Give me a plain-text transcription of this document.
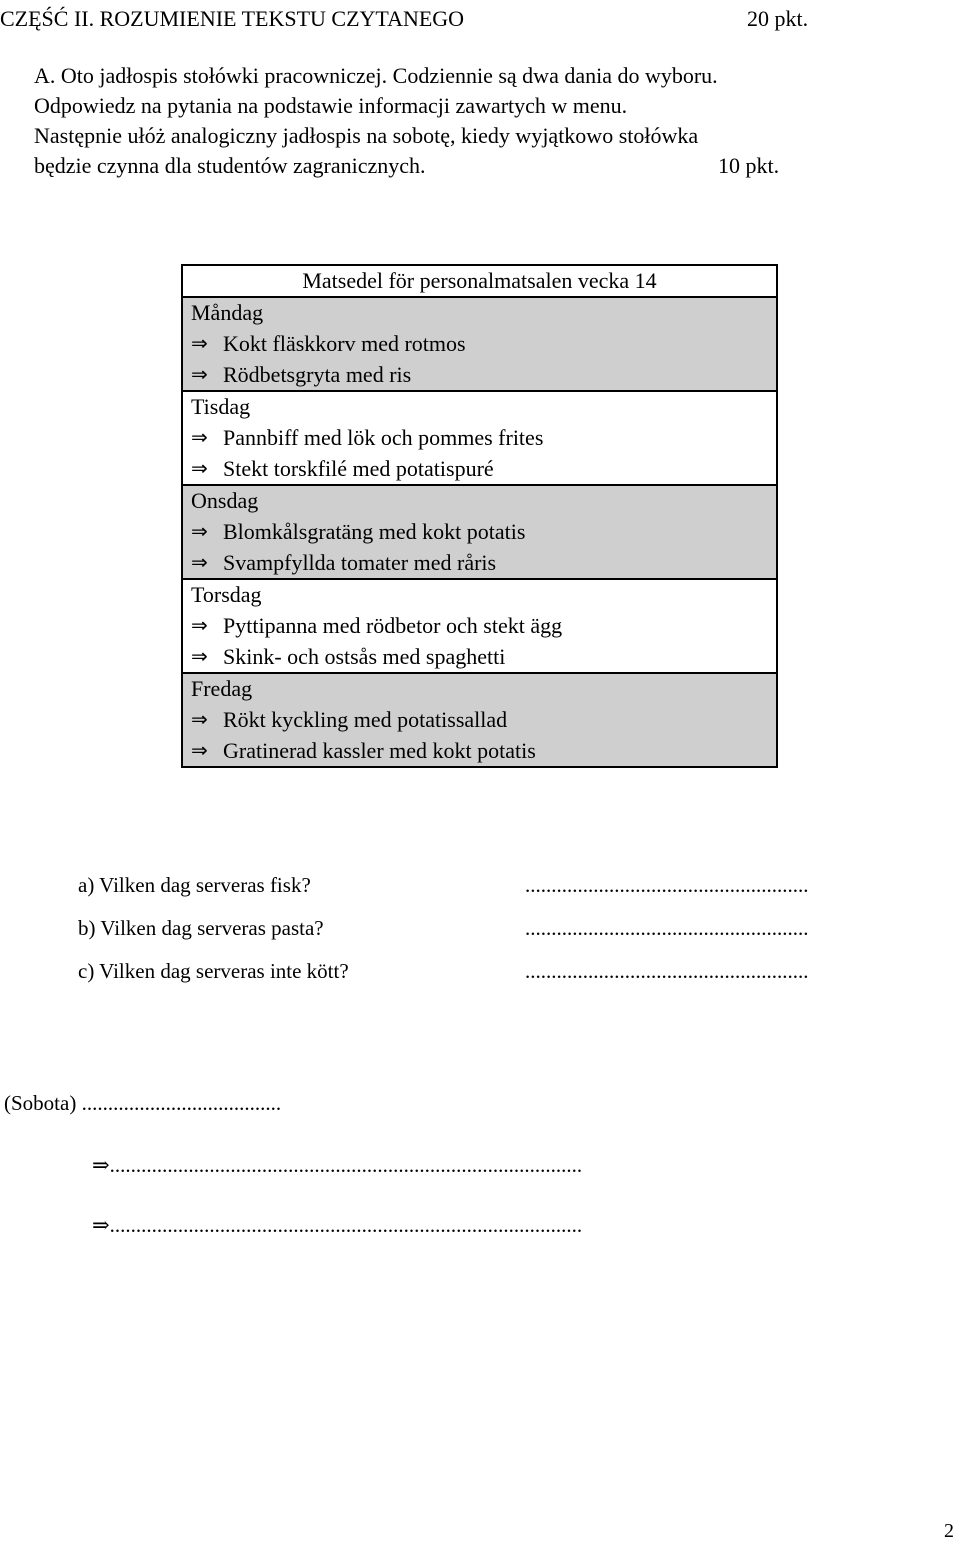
CZĘŚĆ II. ROZUMIENIE TEKSTU CZYTANEGO	20 pkt.
A. Oto jadłospis stołówki pracowniczej. Codziennie są dwa dania do wyboru.
Odpowiedz na pytania na podstawie informacji zawartych w menu.
Następnie ułóż analogiczny jadłospis na sobotę, kiedy wyjątkowo stołówka
będzie czynna dla studentów zagranicznych.	10 pkt.
Matsedel för personalmatsalen vecka 14
Måndag
⇒ Kokt fläskkorv med rotmos
⇒ Rödbetsgryta med ris
Tisdag
⇒ Pannbiff med lök och pommes frites
⇒ Stekt torskfilé med potatispuré
Onsdag
⇒ Blomkålsgratäng med kokt potatis
⇒ Svampfyllda tomater med råris
Torsdag
⇒ Pyttipanna med rödbetor och stekt ägg
⇒ Skink- och ostsås med spaghetti
Fredag
⇒ Rökt kyckling med potatissallad
⇒ Gratinerad kassler med kokt potatis
a) Vilken dag serveras fisk?	......................................................
b) Vilken dag serveras pasta?	......................................................
c) Vilken dag serveras inte kött?	......................................................
(Sobota) ......................................
⇒..........................................................................................
⇒..........................................................................................
2
